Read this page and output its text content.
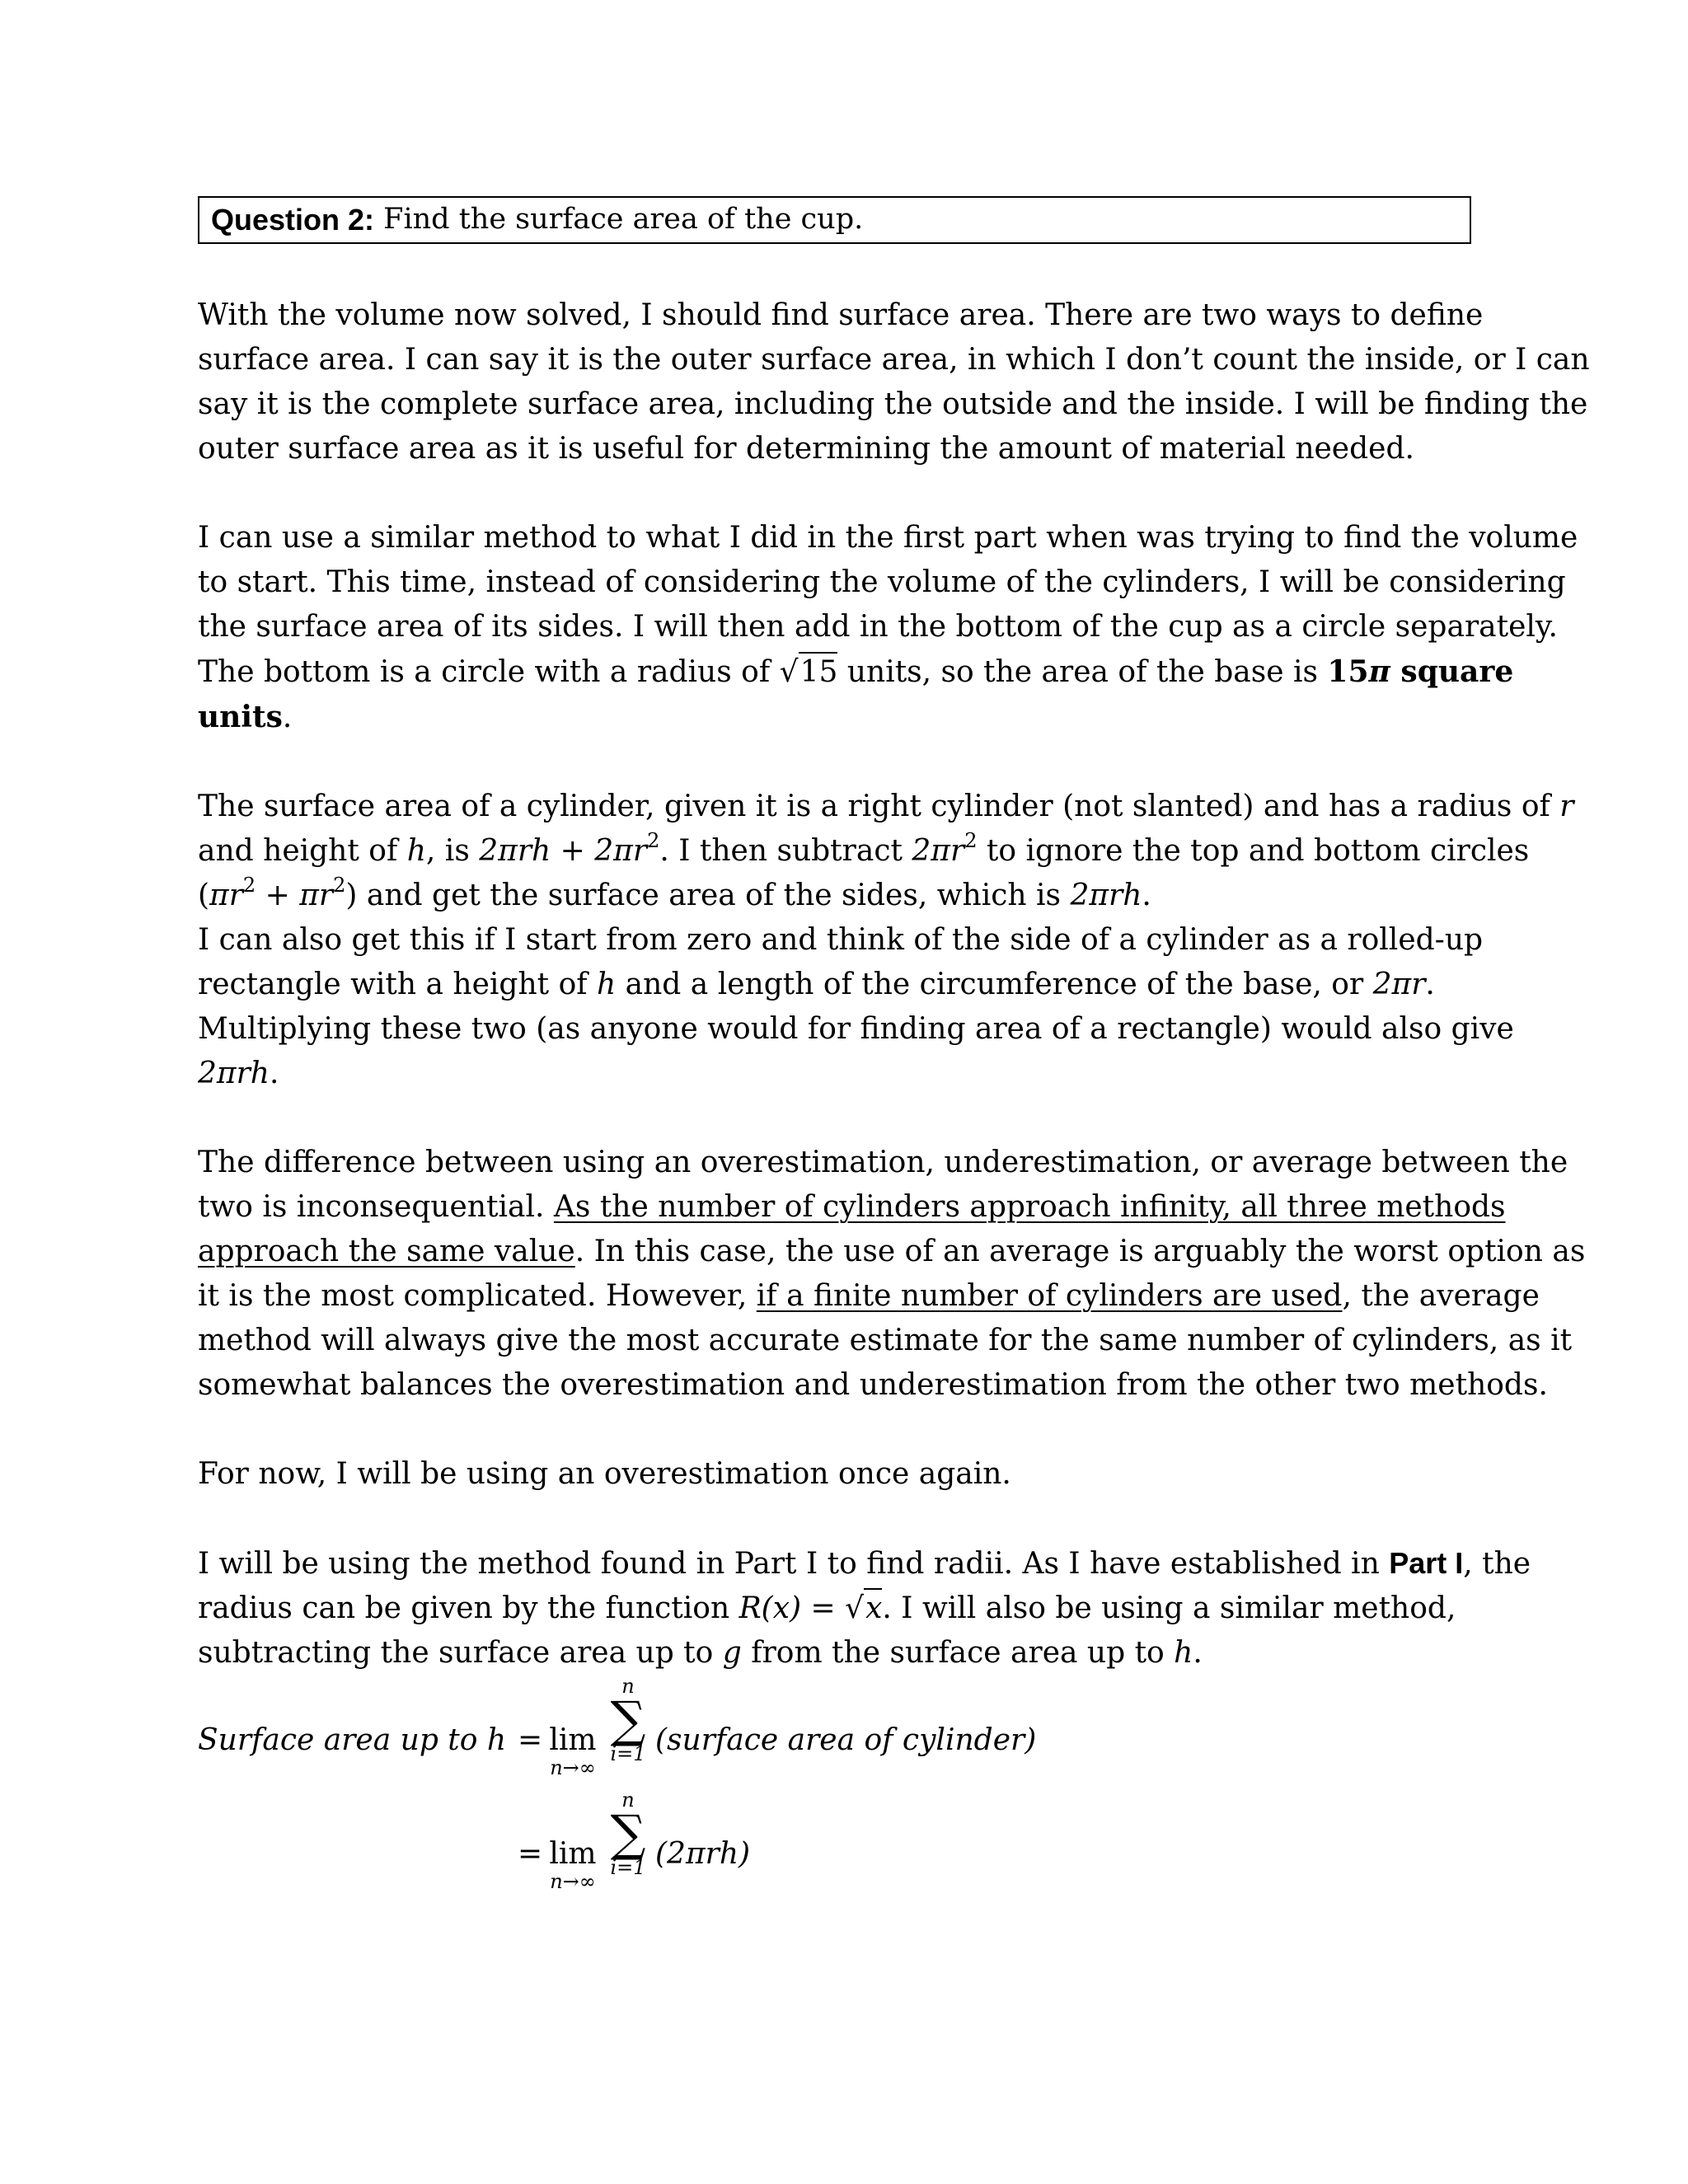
Question 2: Find the surface area of the cup.

With the volume now solved, I should find surface area. There are two ways to define
surface area. I can say it is the outer surface area, in which I don’t count the inside, or I can
say it is the complete surface area, including the outside and the inside. I will be finding the
outer surface area as it is useful for determining the amount of material needed.

I can use a similar method to what I did in the first part when was trying to find the volume
to start. This time, instead of considering the volume of the cylinders, I will be considering
the surface area of its sides. I will then add in the bottom of the cup as a circle separately.
The bottom is a circle with a radius of √15 units, so the area of the base is 15π square
units.

The surface area of a cylinder, given it is a right cylinder (not slanted) and has a radius of r
and height of h, is $2\pi rh + 2\pi r^2$. I then subtract $2\pi r^2$ to ignore the top and bottom circles
$(\pi r^2 + \pi r^2)$ and get the surface area of the sides, which is 2πrh.
I can also get this if I start from zero and think of the side of a cylinder as a rolled-up
rectangle with a height of h and a length of the circumference of the base, or 2πr.
Multiplying these two (as anyone would for finding area of a rectangle) would also give
2πrh.

The difference between using an overestimation, underestimation, or average between the
two is inconsequential. As the number of cylinders approach infinity, all three methods
approach the same value. In this case, the use of an average is arguably the worst option as
it is the most complicated. However, if a finite number of cylinders are used, the average
method will always give the most accurate estimate for the same number of cylinders, as it
somewhat balances the overestimation and underestimation from the other two methods.

For now, I will be using an overestimation once again.

I will be using the method found in Part I to find radii. As I have established in Part I, the
radius can be given by the function R(x) = √x. I will also be using a similar method,
subtracting the surface area up to g from the surface area up to h.

Surface area up to h = lim
n→∞
n
∑
i=1 (surface area of cylinder)
= lim
n→∞
n
∑
i=1 (2πrh)
